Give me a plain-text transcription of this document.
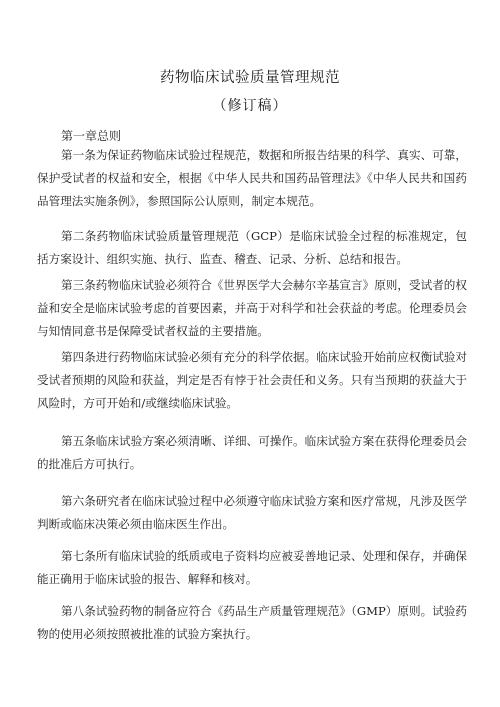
药物临床试验质量管理规范
（修订稿）
第一章总则
第一条为保证药物临床试验过程规范，数据和所报告结果的科学、真实、可靠，保护受试者的权益和安全，根据《中华人民共和国药品管理法》《中华人民共和国药品管理法实施条例》，参照国际公认原则，制定本规范。
第二条药物临床试验质量管理规范（GCP）是临床试验全过程的标准规定，包括方案设计、组织实施、执行、监查、稽查、记录、分析、总结和报告。
第三条药物临床试验必须符合《世界医学大会赫尔辛基宣言》原则，受试者的权益和安全是临床试验考虑的首要因素，并高于对科学和社会获益的考虑。伦理委员会与知情同意书是保障受试者权益的主要措施。
第四条进行药物临床试验必须有充分的科学依据。临床试验开始前应权衡试验对受试者预期的风险和获益，判定是否有悖于社会责任和义务。只有当预期的获益大于风险时，方可开始和/或继续临床试验。
第五条临床试验方案必须清晰、详细、可操作。临床试验方案在获得伦理委员会的批准后方可执行。
第六条研究者在临床试验过程中必须遵守临床试验方案和医疗常规，凡涉及医学判断或临床决策必须由临床医生作出。
第七条所有临床试验的纸质或电子资料均应被妥善地记录、处理和保存，并确保能正确用于临床试验的报告、解释和核对。
第八条试验药物的制备应符合《药品生产质量管理规范》（GMP）原则。试验药物的使用必须按照被批准的试验方案执行。
